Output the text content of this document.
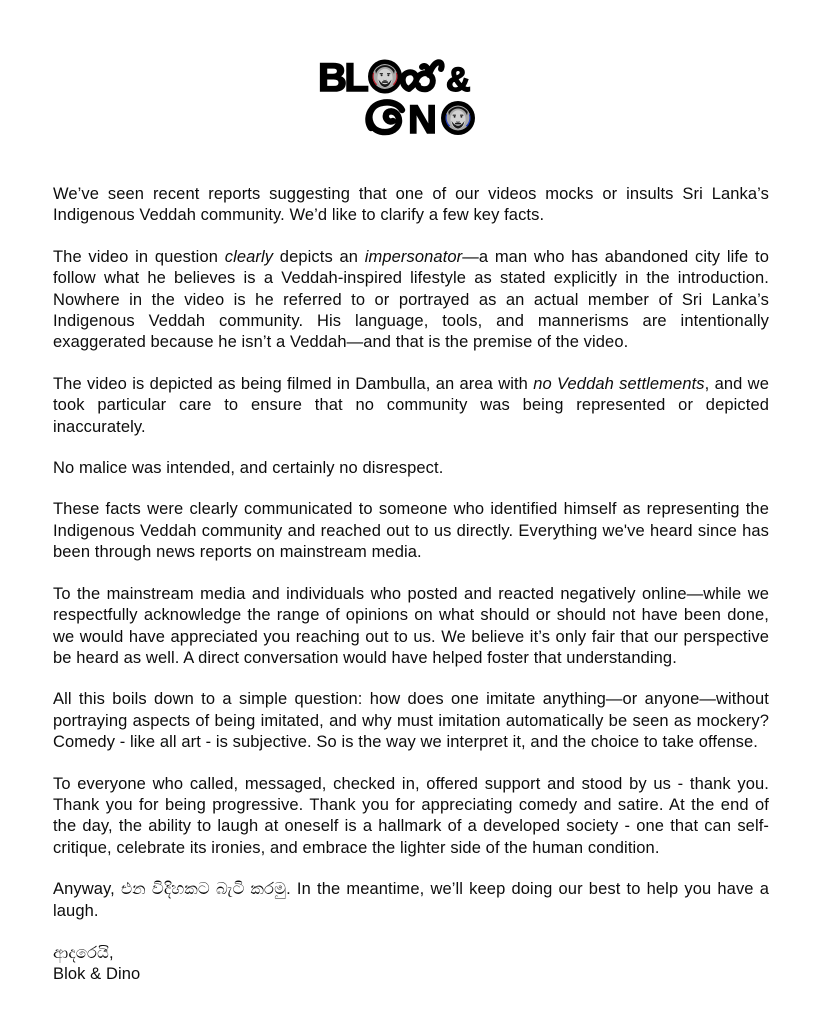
BL &
N

We’ve seen recent reports suggesting that one of our videos mocks or insults Sri Lanka’s Indigenous Veddah community. We’d like to clarify a few key facts.

The video in question clearly depicts an impersonator—a man who has abandoned city life to follow what he believes is a Veddah-inspired lifestyle as stated explicitly in the introduction. Nowhere in the video is he referred to or portrayed as an actual member of Sri Lanka’s Indigenous Veddah community. His language, tools, and mannerisms are intentionally exaggerated because he isn’t a Veddah—and that is the premise of the video.

The video is depicted as being filmed in Dambulla, an area with no Veddah settlements, and we took particular care to ensure that no community was being represented or depicted inaccurately.

No malice was intended, and certainly no disrespect.

These facts were clearly communicated to someone who identified himself as representing the Indigenous Veddah community and reached out to us directly. Everything we've heard since has been through news reports on mainstream media.

To the mainstream media and individuals who posted and reacted negatively online—while we respectfully acknowledge the range of opinions on what should or should not have been done, we would have appreciated you reaching out to us. We believe it’s only fair that our perspective be heard as well. A direct conversation would have helped foster that understanding.

All this boils down to a simple question: how does one imitate anything—or anyone—without portraying aspects of being imitated, and why must imitation automatically be seen as mockery? Comedy - like all art - is subjective. So is the way we interpret it, and the choice to take offense.

To everyone who called, messaged, checked in, offered support and stood by us - thank you. Thank you for being progressive. Thank you for appreciating comedy and satire. At the end of the day, the ability to laugh at oneself is a hallmark of a developed society - one that can self-critique, celebrate its ironies, and embrace the lighter side of the human condition.

Anyway, එන විදිහකට බැටි කරමු. In the meantime, we’ll keep doing our best to help you have a laugh.

ආදරෙයි,
Blok & Dino
